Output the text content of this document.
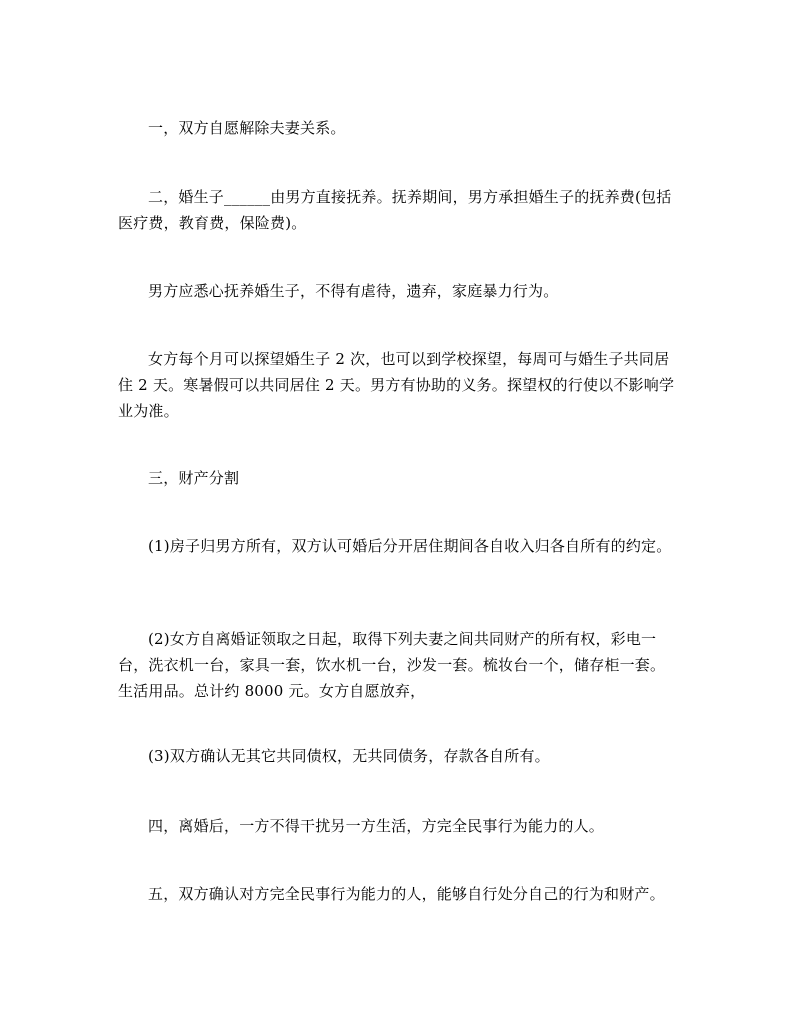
一，双方自愿解除夫妻关系。

二，婚生子______由男方直接抚养。抚养期间，男方承担婚生子的抚养费(包括医疗费，教育费，保险费)。

男方应悉心抚养婚生子，不得有虐待，遗弃，家庭暴力行为。

女方每个月可以探望婚生子 2 次，也可以到学校探望，每周可与婚生子共同居住 2 天。寒暑假可以共同居住 2 天。男方有协助的义务。探望权的行使以不影响学业为准。

三，财产分割

(1)房子归男方所有，双方认可婚后分开居住期间各自收入归各自所有的约定。

(2)女方自离婚证领取之日起，取得下列夫妻之间共同财产的所有权，彩电一台，洗衣机一台，家具一套，饮水机一台，沙发一套。梳妆台一个，储存柜一套。生活用品。总计约 8000 元。女方自愿放弃，

(3)双方确认无其它共同债权，无共同债务，存款各自所有。

四，离婚后，一方不得干扰另一方生活，方完全民事行为能力的人。

五，双方确认对方完全民事行为能力的人，能够自行处分自己的行为和财产。
